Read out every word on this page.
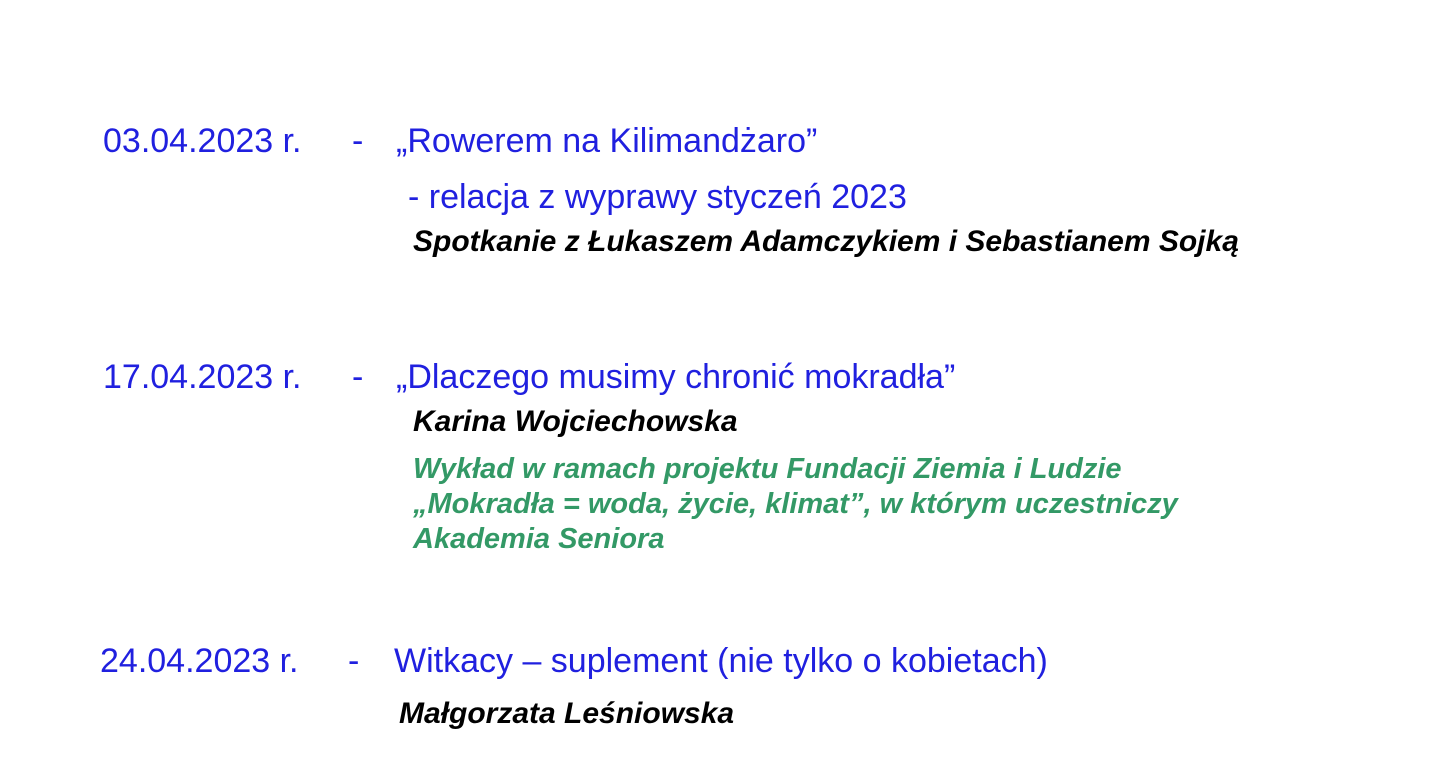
03.04.2023 r. - „Rowerem na Kilimandżaro”
- relacja z wyprawy styczeń 2023
Spotkanie z Łukaszem Adamczykiem i Sebastianem Sojką
17.04.2023 r. - „Dlaczego musimy chronić mokradła”
Karina Wojciechowska
Wykład w ramach projektu Fundacji Ziemia i Ludzie
„Mokradła = woda, życie, klimat”, w którym uczestniczy
Akademia Seniora
24.04.2023 r. - Witkacy – suplement (nie tylko o kobietach)
Małgorzata Leśniowska
